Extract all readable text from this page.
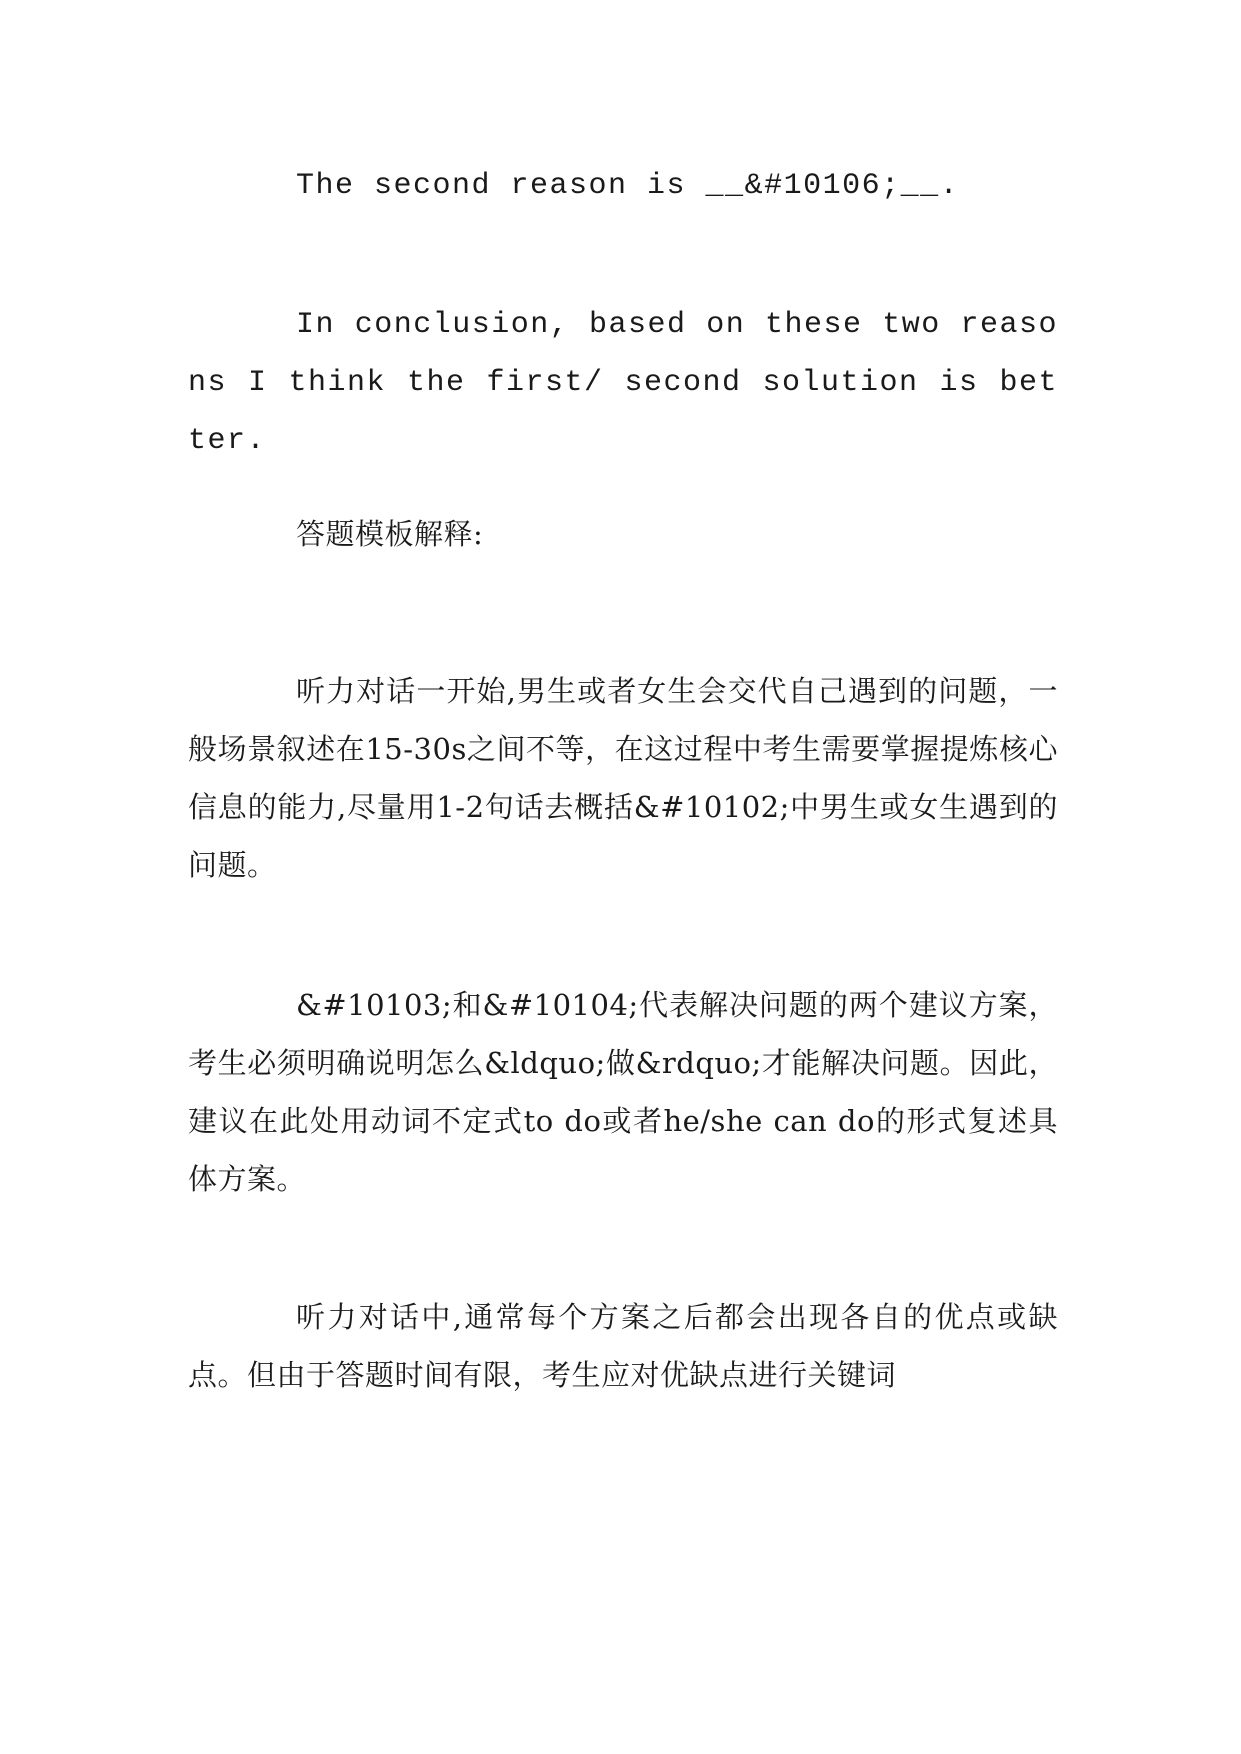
The second reason is __&#10106;__.

In conclusion, based on these two reasons I think the first/ second solution is better.

答题模板解释:

听力对话一开始,男生或者女生会交代自己遇到的问题，一般场景叙述在15-30s之间不等，在这过程中考生需要掌握提炼核心信息的能力,尽量用1-2句话去概括&#10102;中男生或女生遇到的问题。

&#10103;和&#10104;代表解决问题的两个建议方案，考生必须明确说明怎么&ldquo;做&rdquo;才能解决问题。因此，建议在此处用动词不定式to do或者he/she can do的形式复述具体方案。

听力对话中,通常每个方案之后都会出现各自的优点或缺点。但由于答题时间有限，考生应对优缺点进行关键词
